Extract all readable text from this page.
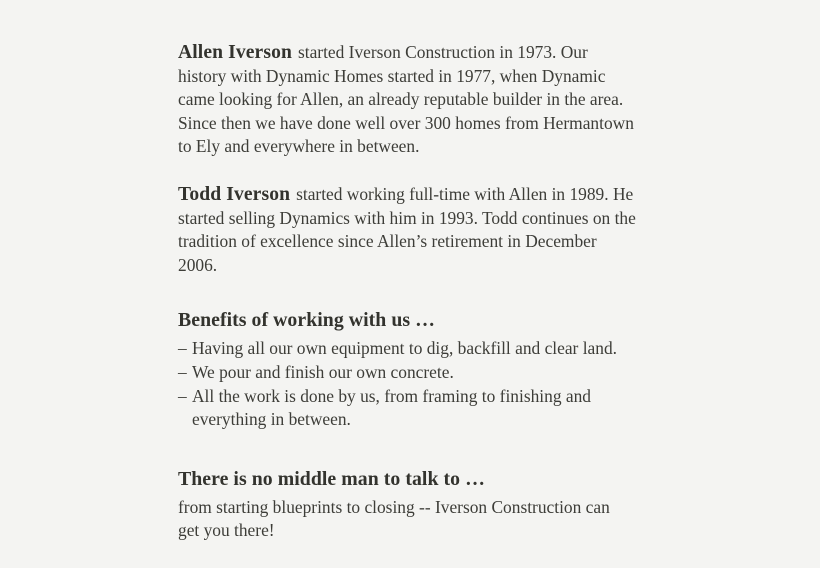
Allen Iverson started Iverson Construction in 1973. Our history with Dynamic Homes started in 1977, when Dynamic came looking for Allen, an already reputable builder in the area. Since then we have done well over 300 homes from Hermantown to Ely and everywhere in between.

Todd Iverson started working full-time with Allen in 1989. He started selling Dynamics with him in 1993. Todd continues on the tradition of excellence since Allen’s retirement in December 2006.

Benefits of working with us …
– Having all our own equipment to dig, backfill and clear land.
– We pour and finish our own concrete.
– All the work is done by us, from framing to finishing and everything in between.
There is no middle man to talk to …

from starting blueprints to closing -- Iverson Construction can get you there!
